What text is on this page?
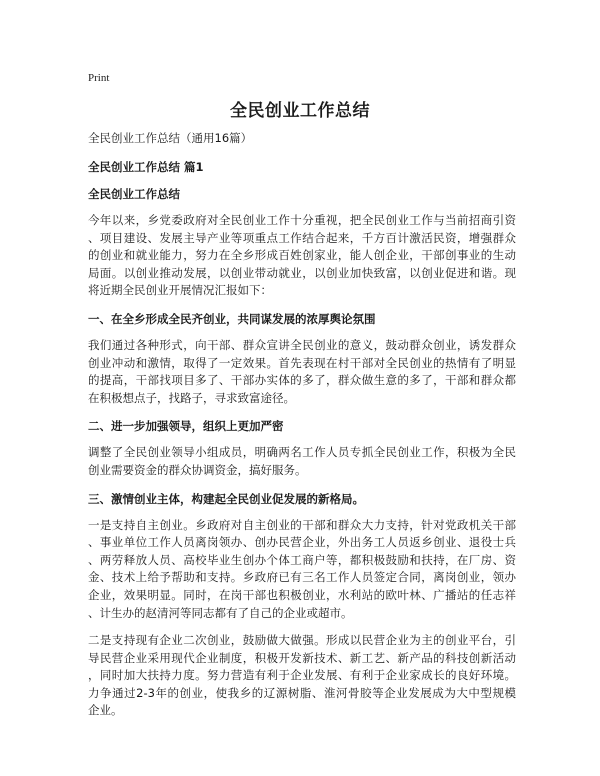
Print
全民创业工作总结
全民创业工作总结（通用16篇）
全民创业工作总结 篇1
全民创业工作总结
今年以来，乡党委政府对全民创业工作十分重视，把全民创业工作与当前招商引资
、项目建设、发展主导产业等项重点工作结合起来，千方百计激活民资，增强群众
的创业和就业能力，努力在全乡形成百姓创家业，能人创企业，干部创事业的生动
局面。以创业推动发展，以创业带动就业，以创业加快致富，以创业促进和谐。现
将近期全民创业开展情况汇报如下：
一、在全乡形成全民齐创业，共同谋发展的浓厚舆论氛围
我们通过各种形式，向干部、群众宣讲全民创业的意义，鼓动群众创业，诱发群众
创业冲动和激情，取得了一定效果。首先表现在村干部对全民创业的热情有了明显
的提高，干部找项目多了、干部办实体的多了，群众做生意的多了，干部和群众都
在积极想点子，找路子，寻求致富途径。
二、进一步加强领导，组织上更加严密
调整了全民创业领导小组成员，明确两名工作人员专抓全民创业工作，积极为全民
创业需要资金的群众协调资金，搞好服务。
三、激情创业主体，构建起全民创业促发展的新格局。
一是支持自主创业。乡政府对自主创业的干部和群众大力支持，针对党政机关干部
、事业单位工作人员离岗领办、创办民营企业，外出务工人员返乡创业、退役士兵
、两劳释放人员、高校毕业生创办个体工商户等，都积极鼓励和扶持，在厂房、资
金、技术上给予帮助和支持。乡政府已有三名工作人员签定合同，离岗创业，领办
企业，效果明显。同时，在岗干部也积极创业，水利站的欧叶林、广播站的任志祥
、计生办的赵清河等同志都有了自己的企业或超市。
二是支持现有企业二次创业，鼓励做大做强。形成以民营企业为主的创业平台，引
导民营企业采用现代企业制度，积极开发新技术、新工艺、新产品的科技创新活动
，同时加大扶持力度。努力营造有利于企业发展、有利于企业家成长的良好环境。
力争通过2-3年的创业，使我乡的辽源树脂、淮河骨胶等企业发展成为大中型规模
企业。
